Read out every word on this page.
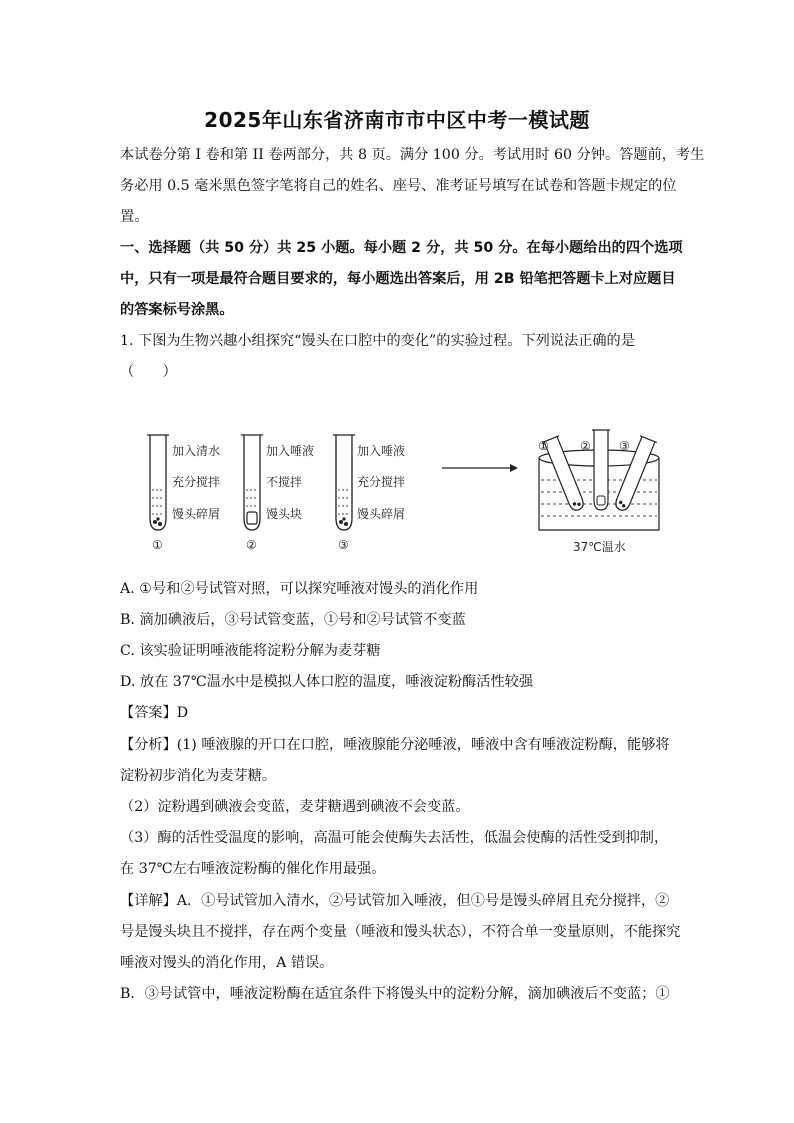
2025年山东省济南市市中区中考一模试题
本试卷分第 I 卷和第 II 卷两部分，共 8 页。满分 100 分。考试用时 60 分钟。答题前，考生
务必用 0.5 毫米黑色签字笔将自己的姓名、座号、准考证号填写在试卷和答题卡规定的位
置。
一、选择题（共 50 分）共 25 小题。每小题 2 分，共 50 分。在每小题给出的四个选项
中，只有一项是最符合题目要求的，每小题选出答案后，用 2B 铅笔把答题卡上对应题目
的答案标号涂黑。
1. 下图为生物兴趣小组探究“馒头在口腔中的变化”的实验过程。下列说法正确的是
（　　）
加入清水
充分搅拌
馒头碎屑
①
加入唾液
不搅拌
馒头块
②
加入唾液
充分搅拌
馒头碎屑
③
①	② ③
37℃温水
A. ①号和②号试管对照，可以探究唾液对馒头的消化作用
B. 滴加碘液后，③号试管变蓝，①号和②号试管不变蓝
C. 该实验证明唾液能将淀粉分解为麦芽糖
D. 放在 37℃温水中是模拟人体口腔的温度，唾液淀粉酶活性较强
【答案】D
【分析】(1) 唾液腺的开口在口腔，唾液腺能分泌唾液，唾液中含有唾液淀粉酶，能够将
淀粉初步消化为麦芽糖。
（2）淀粉遇到碘液会变蓝，麦芽糖遇到碘液不会变蓝。
（3）酶的活性受温度的影响，高温可能会使酶失去活性，低温会使酶的活性受到抑制，
在 37℃左右唾液淀粉酶的催化作用最强。
【详解】A．①号试管加入清水，②号试管加入唾液，但①号是馒头碎屑且充分搅拌，②
号是馒头块且不搅拌，存在两个变量（唾液和馒头状态），不符合单一变量原则，不能探究
唾液对馒头的消化作用，A 错误。
B．③号试管中，唾液淀粉酶在适宜条件下将馒头中的淀粉分解，滴加碘液后不变蓝；①
